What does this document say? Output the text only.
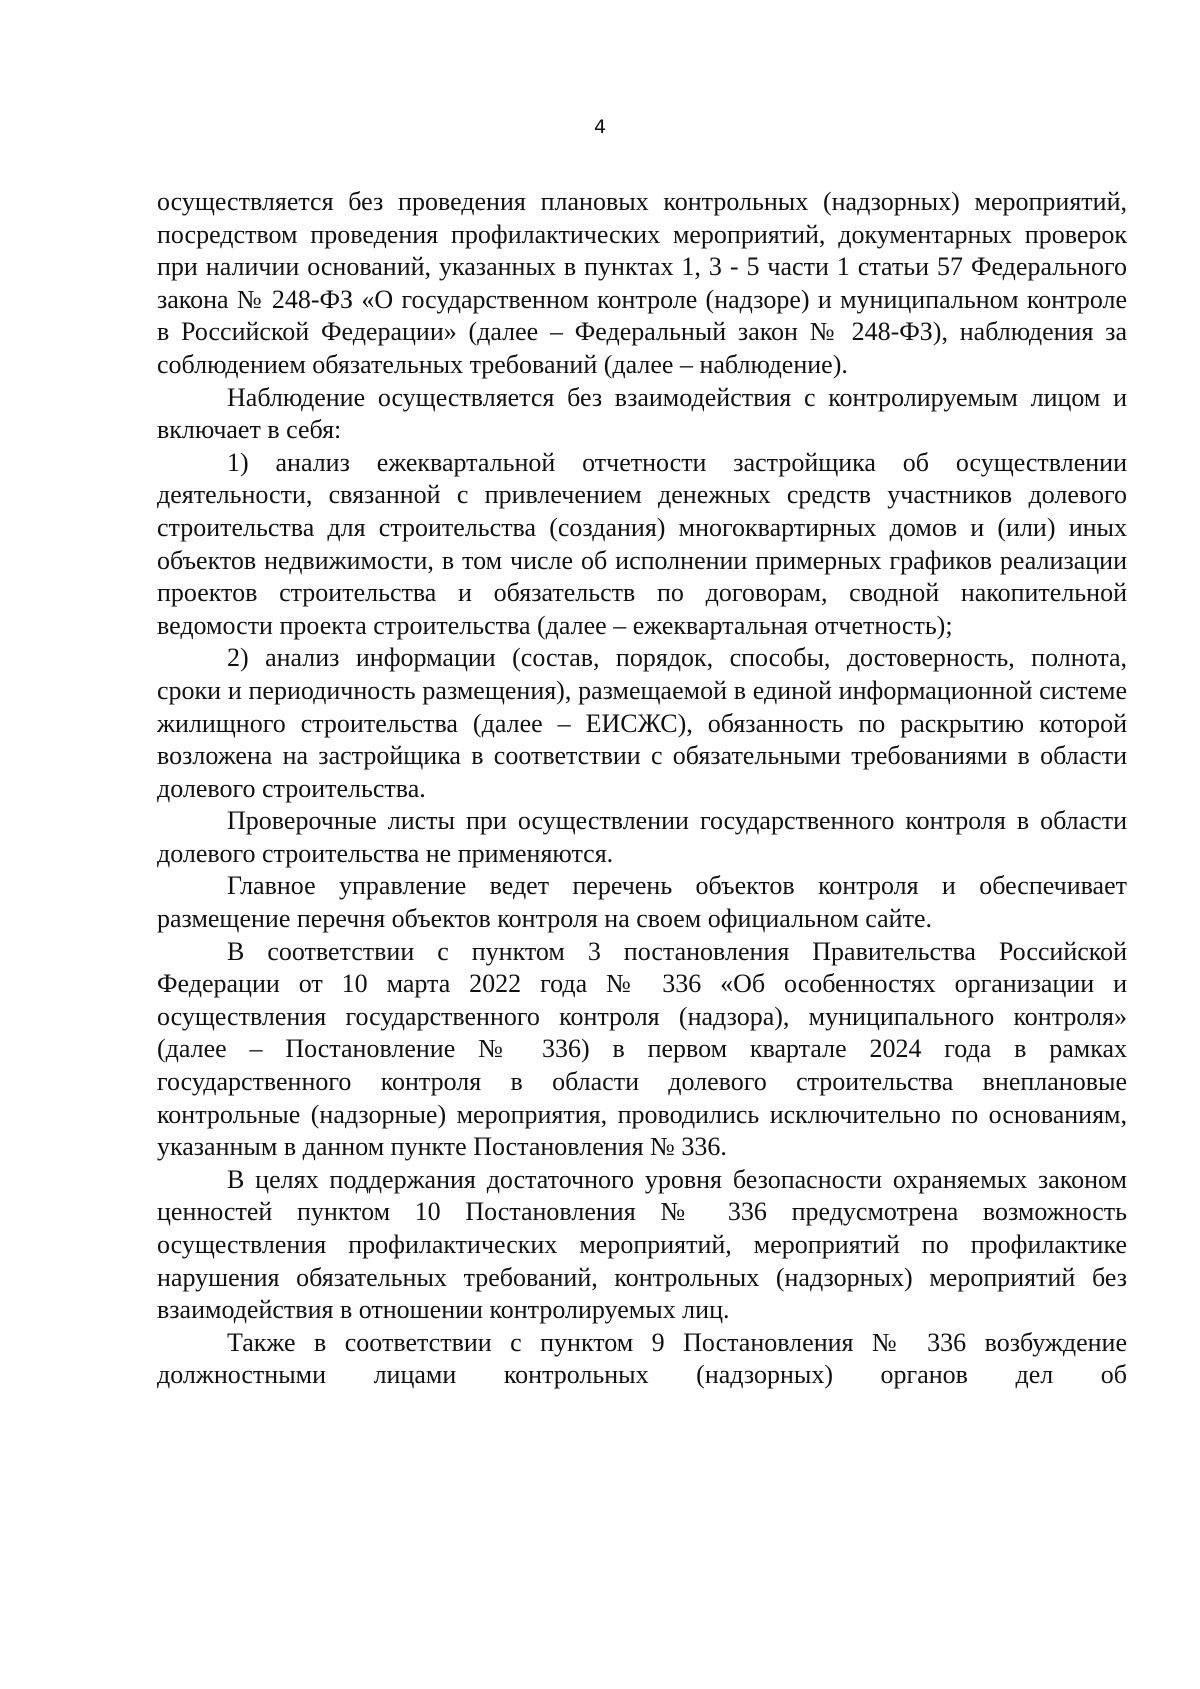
4

осуществляется без проведения плановых контрольных (надзорных) мероприятий, посредством проведения профилактических мероприятий, документарных проверок при наличии оснований, указанных в пунктах 1, 3 - 5 части 1 статьи 57 Федерального закона № 248-ФЗ «О государственном контроле (надзоре) и муниципальном контроле в Российской Федерации» (далее – Федеральный закон № 248-ФЗ), наблюдения за соблюдением обязательных требований (далее – наблюдение).

Наблюдение осуществляется без взаимодействия с контролируемым лицом и включает в себя:

1) анализ ежеквартальной отчетности застройщика об осуществлении деятельности, связанной с привлечением денежных средств участников долевого строительства для строительства (создания) многоквартирных домов и (или) иных объектов недвижимости, в том числе об исполнении примерных графиков реализации проектов строительства и обязательств по договорам, сводной накопительной ведомости проекта строительства (далее – ежеквартальная отчетность);

2) анализ информации (состав, порядок, способы, достоверность, полнота, сроки и периодичность размещения), размещаемой в единой информационной системе жилищного строительства (далее – ЕИСЖС), обязанность по раскрытию которой возложена на застройщика в соответствии с обязательными требованиями в области долевого строительства.

Проверочные листы при осуществлении государственного контроля в области долевого строительства не применяются.

Главное управление ведет перечень объектов контроля и обеспечивает размещение перечня объектов контроля на своем официальном сайте.

В соответствии с пунктом 3 постановления Правительства Российской Федерации от 10 марта 2022 года № 336 «Об особенностях организации и осуществления государственного контроля (надзора), муниципального контроля» (далее – Постановление № 336) в первом квартале 2024 года в рамках государственного контроля в области долевого строительства внеплановые контрольные (надзорные) мероприятия, проводились исключительно по основаниям, указанным в данном пункте Постановления № 336.

В целях поддержания достаточного уровня безопасности охраняемых законом ценностей пунктом 10 Постановления № 336 предусмотрена возможность осуществления профилактических мероприятий, мероприятий по профилактике нарушения обязательных требований, контрольных (надзорных) мероприятий без взаимодействия в отношении контролируемых лиц.

Также в соответствии с пунктом 9 Постановления № 336 возбуждение должностными лицами контрольных (надзорных) органов дел об
